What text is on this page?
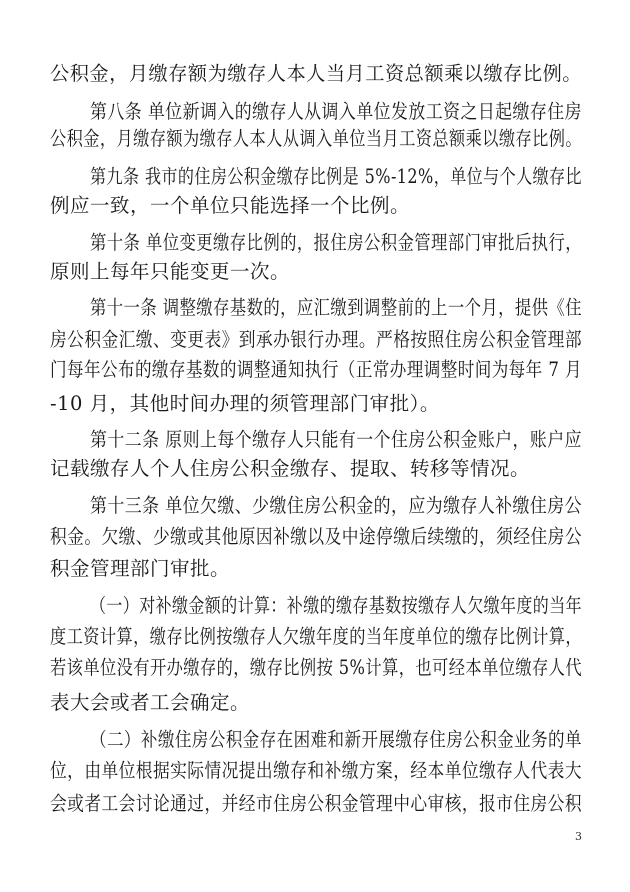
公积金，月缴存额为缴存人本人当月工资总额乘以缴存比例。
第八条 单位新调入的缴存人从调入单位发放工资之日起缴存住房
公积金，月缴存额为缴存人本人从调入单位当月工资总额乘以缴存比例。
第九条 我市的住房公积金缴存比例是 5%-12%，单位与个人缴存比
例应一致，一个单位只能选择一个比例。
第十条 单位变更缴存比例的，报住房公积金管理部门审批后执行，
原则上每年只能变更一次。
第十一条 调整缴存基数的，应汇缴到调整前的上一个月，提供《住
房公积金汇缴、变更表》到承办银行办理。严格按照住房公积金管理部
门每年公布的缴存基数的调整通知执行（正常办理调整时间为每年 7 月
-10 月，其他时间办理的须管理部门审批）。
第十二条 原则上每个缴存人只能有一个住房公积金账户，账户应
记载缴存人个人住房公积金缴存、提取、转移等情况。
第十三条 单位欠缴、少缴住房公积金的，应为缴存人补缴住房公
积金。欠缴、少缴或其他原因补缴以及中途停缴后续缴的，须经住房公
积金管理部门审批。
（一）对补缴金额的计算：补缴的缴存基数按缴存人欠缴年度的当年
度工资计算，缴存比例按缴存人欠缴年度的当年度单位的缴存比例计算，
若该单位没有开办缴存的，缴存比例按 5%计算，也可经本单位缴存人代
表大会或者工会确定。
（二）补缴住房公积金存在困难和新开展缴存住房公积金业务的单
位，由单位根据实际情况提出缴存和补缴方案，经本单位缴存人代表大
会或者工会讨论通过，并经市住房公积金管理中心审核，报市住房公积
3
